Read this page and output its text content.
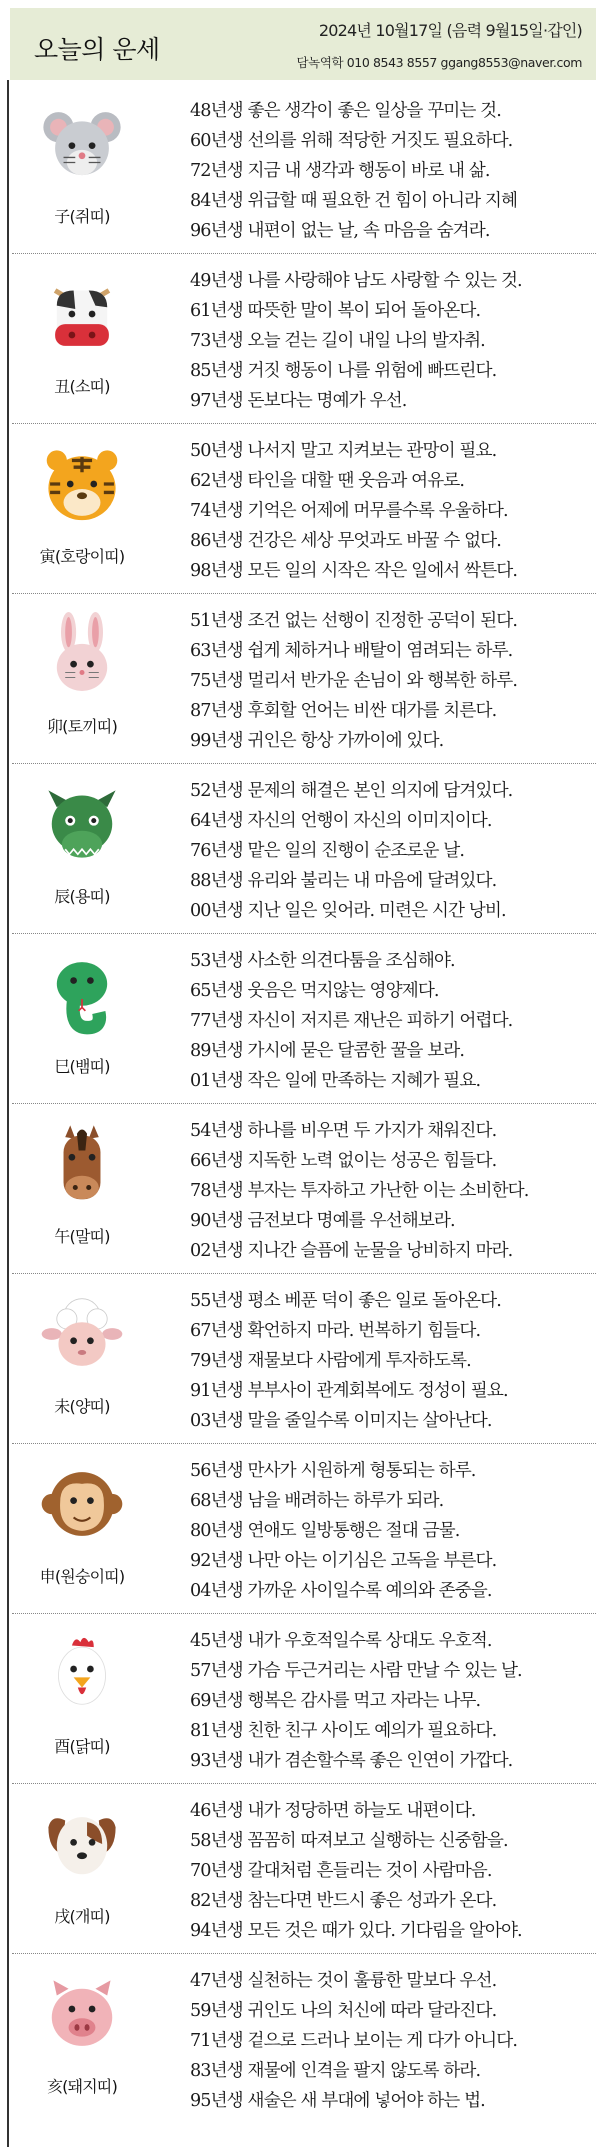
오늘의 운세
2024년 10월17일 (음력 9월15일·갑인)
담녹역학 010 8543 8557 ggang8553@naver.com
子(쥐띠)
48년생 좋은 생각이 좋은 일상을 꾸미는 것.
60년생 선의를 위해 적당한 거짓도 필요하다.
72년생 지금 내 생각과 행동이 바로 내 삶.
84년생 위급할 때 필요한 건 힘이 아니라 지혜
96년생 내편이 없는 날, 속 마음을 숨겨라.
丑(소띠)
49년생 나를 사랑해야 남도 사랑할 수 있는 것.
61년생 따뜻한 말이 복이 되어 돌아온다.
73년생 오늘 걷는 길이 내일 나의 발자취.
85년생 거짓 행동이 나를 위험에 빠뜨린다.
97년생 돈보다는 명예가 우선.
寅(호랑이띠)
50년생 나서지 말고 지켜보는 관망이 필요.
62년생 타인을 대할 땐 웃음과 여유로.
74년생 기억은 어제에 머무를수록 우울하다.
86년생 건강은 세상 무엇과도 바꿀 수 없다.
98년생 모든 일의 시작은 작은 일에서 싹튼다.
卯(토끼띠)
51년생 조건 없는 선행이 진정한 공덕이 된다.
63년생 쉽게 체하거나 배탈이 염려되는 하루.
75년생 멀리서 반가운 손님이 와 행복한 하루.
87년생 후회할 언어는 비싼 대가를 치른다.
99년생 귀인은 항상 가까이에 있다.
辰(용띠)
52년생 문제의 해결은 본인 의지에 담겨있다.
64년생 자신의 언행이 자신의 이미지이다.
76년생 맡은 일의 진행이 순조로운 날.
88년생 유리와 불리는 내 마음에 달려있다.
00년생 지난 일은 잊어라. 미련은 시간 낭비.
巳(뱀띠)
53년생 사소한 의견다툼을 조심해야.
65년생 웃음은 먹지않는 영양제다.
77년생 자신이 저지른 재난은 피하기 어렵다.
89년생 가시에 묻은 달콤한 꿀을 보라.
01년생 작은 일에 만족하는 지혜가 필요.
午(말띠)
54년생 하나를 비우면 두 가지가 채워진다.
66년생 지독한 노력 없이는 성공은 힘들다.
78년생 부자는 투자하고 가난한 이는 소비한다.
90년생 금전보다 명예를 우선해보라.
02년생 지나간 슬픔에 눈물을 낭비하지 마라.
未(양띠)
55년생 평소 베푼 덕이 좋은 일로 돌아온다.
67년생 확언하지 마라. 번복하기 힘들다.
79년생 재물보다 사람에게 투자하도록.
91년생 부부사이 관계회복에도 정성이 필요.
03년생 말을 줄일수록 이미지는 살아난다.
申(원숭이띠)
56년생 만사가 시원하게 형통되는 하루.
68년생 남을 배려하는 하루가 되라.
80년생 연애도 일방통행은 절대 금물.
92년생 나만 아는 이기심은 고독을 부른다.
04년생 가까운 사이일수록 예의와 존중을.
酉(닭띠)
45년생 내가 우호적일수록 상대도 우호적.
57년생 가슴 두근거리는 사람 만날 수 있는 날.
69년생 행복은 감사를 먹고 자라는 나무.
81년생 친한 친구 사이도 예의가 필요하다.
93년생 내가 겸손할수록 좋은 인연이 가깝다.
戌(개띠)
46년생 내가 정당하면 하늘도 내편이다.
58년생 꼼꼼히 따져보고 실행하는 신중함을.
70년생 갈대처럼 흔들리는 것이 사람마음.
82년생 참는다면 반드시 좋은 성과가 온다.
94년생 모든 것은 때가 있다. 기다림을 알아야.
亥(돼지띠)
47년생 실천하는 것이 훌륭한 말보다 우선.
59년생 귀인도 나의 처신에 따라 달라진다.
71년생 겉으로 드러나 보이는 게 다가 아니다.
83년생 재물에 인격을 팔지 않도록 하라.
95년생 새술은 새 부대에 넣어야 하는 법.
